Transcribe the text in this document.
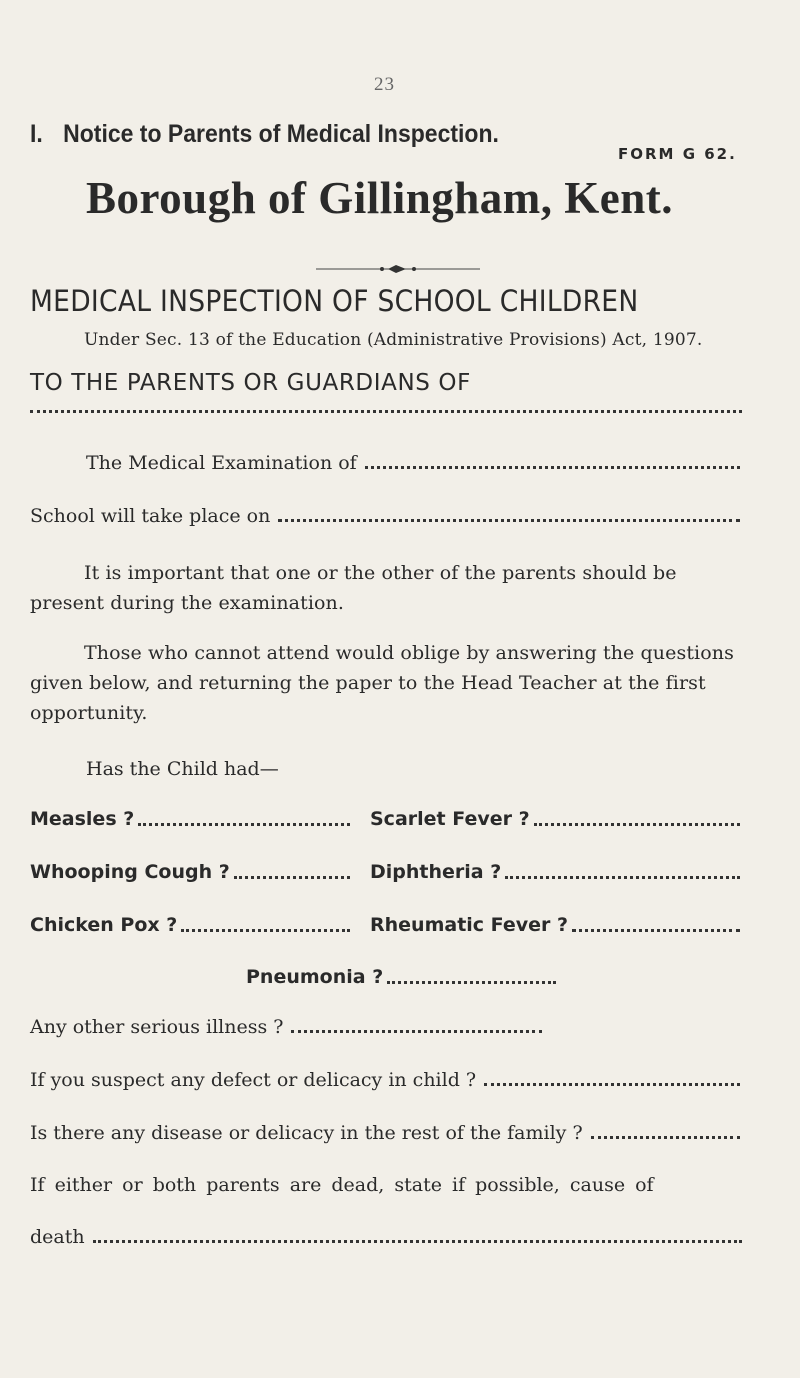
23
I. Notice to Parents of Medical Inspection.
FORM G 62.
Borough of Gillingham, Kent.
MEDICAL INSPECTION OF SCHOOL CHILDREN
Under Sec. 13 of the Education (Administrative Provisions) Act, 1907.
TO THE PARENTS OR GUARDIANS OF
The Medical Examination of
School will take place on
It is important that one or the other of the parents should be present during the examination.
Those who cannot attend would oblige by answering the questions given below, and returning the paper to the Head Teacher at the first opportunity.
Has the Child had—
Measles ?	Scarlet Fever ?
Whooping Cough ?	Diphtheria ?
Chicken Pox ?	Rheumatic Fever ?
Pneumonia ?
Any other serious illness ?
If you suspect any defect or delicacy in child ?
Is there any disease or delicacy in the rest of the family ?
If either or both parents are dead, state if possible, cause of
death
